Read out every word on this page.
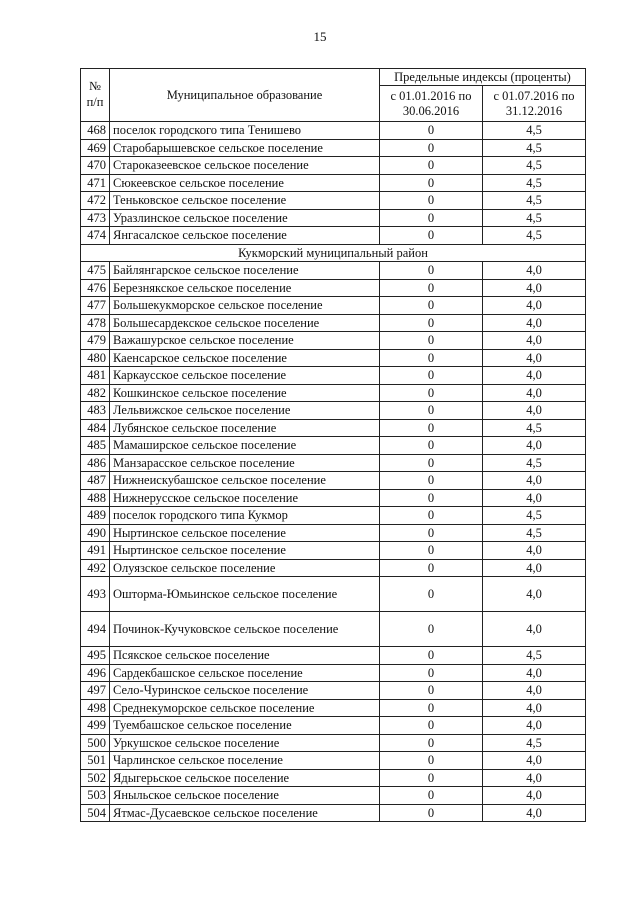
15
№ п/п	Муниципальное образование	Предельные индексы (проценты)	
		с 01.01.2016 по 30.06.2016	с 01.07.2016 по 31.12.2016
468	поселок городского типа Тенишево	0	4,5
469	Старобарышевское сельское поселение	0	4,5
470	Староказеевское сельское поселение	0	4,5
471	Сюкеевское сельское поселение	0	4,5
472	Теньковское сельское поселение	0	4,5
473	Уразлинское сельское поселение	0	4,5
474	Янгасалское сельское поселение	0	4,5
Кукморский муниципальный район			
475	Байлянгарское сельское поселение	0	4,0
476	Березнякское сельское поселение	0	4,0
477	Большекукморское сельское поселение	0	4,0
478	Большесардекское сельское поселение	0	4,0
479	Важашурское сельское поселение	0	4,0
480	Каенсарское сельское поселение	0	4,0
481	Каркаусское сельское поселение	0	4,0
482	Кошкинское сельское поселение	0	4,0
483	Лельвижское сельское поселение	0	4,0
484	Лубянское сельское поселение	0	4,5
485	Мамаширское сельское поселение	0	4,0
486	Манзарасское сельское поселение	0	4,5
487	Нижнеискубашское сельское поселение	0	4,0
488	Нижнерусское сельское поселение	0	4,0
489	поселок городского типа Кукмор	0	4,5
490	Ныртинское сельское поселение	0	4,5
491	Ныртинское сельское поселение	0	4,0
492	Олуязское сельское поселение	0	4,0
493	Ошторма-Юмьинское сельское поселение	0	4,0
494	Починок-Кучуковское сельское поселение	0	4,0
495	Псякское сельское поселение	0	4,5
496	Сардекбашское сельское поселение	0	4,0
497	Село-Чуринское сельское поселение	0	4,0
498	Среднекуморское сельское поселение	0	4,0
499	Туембашское сельское поселение	0	4,0
500	Уркушское сельское поселение	0	4,5
501	Чарлинское сельское поселение	0	4,0
502	Ядыгерьское сельское поселение	0	4,0
503	Яныльское сельское поселение	0	4,0
504	Ятмас-Дусаевское сельское поселение	0	4,0
